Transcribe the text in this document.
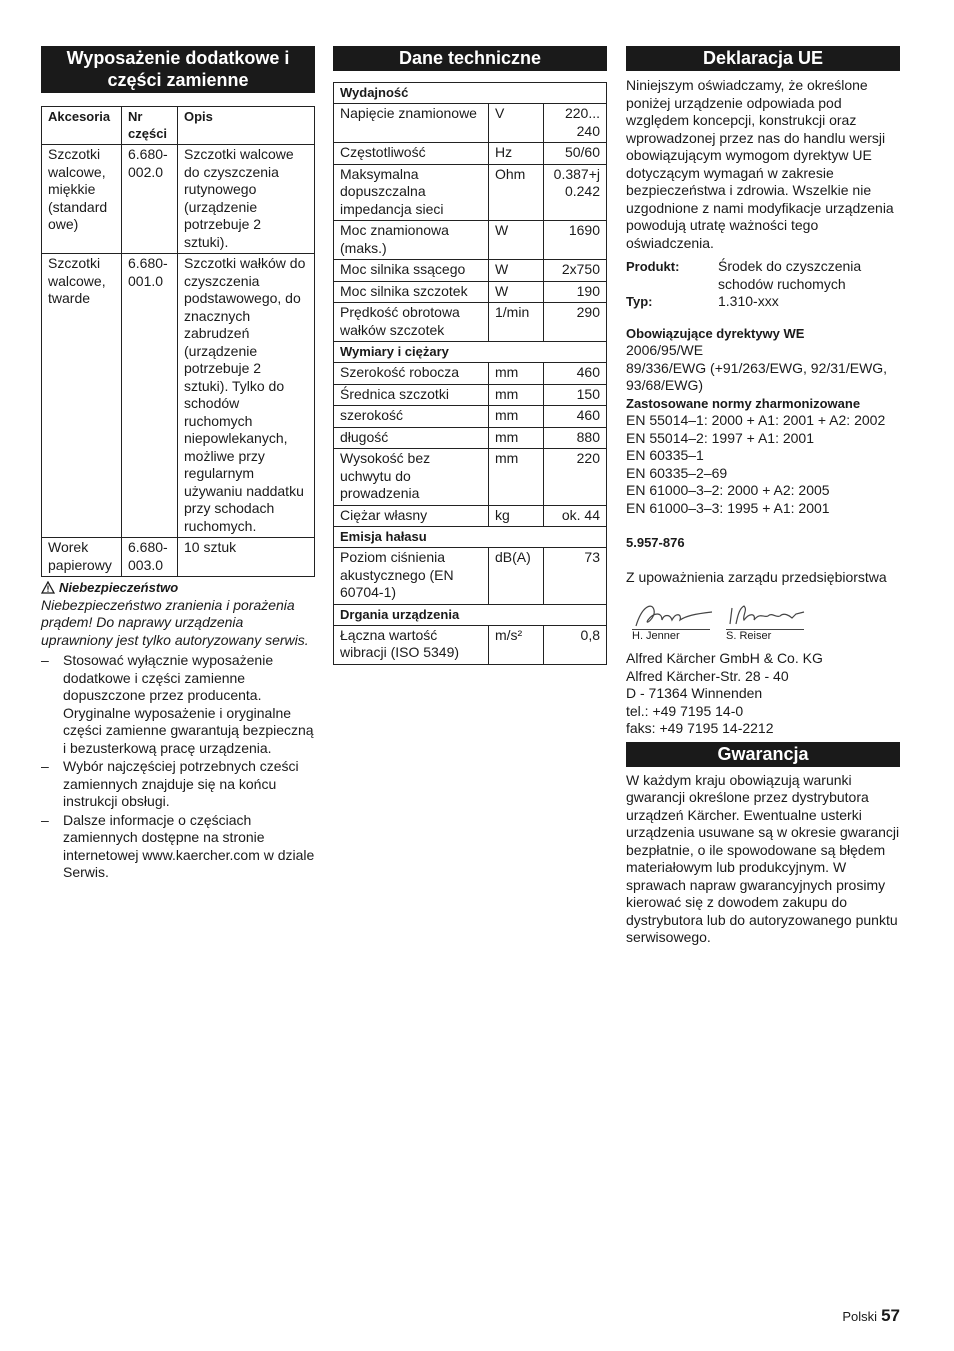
Wyposażenie dodatkowe i części zamienne
Akcesoria	Nr części	Opis
Szczotki walcowe, miękkie (standard owe)	6.680-002.0	Szczotki walcowe do czyszczenia rutynowego (urządzenie potrzebuje 2 sztuki).
Szczotki walcowe, twarde	6.680-001.0	Szczotki wałków do czyszczenia podstawowego, do znacznych zabrudzeń (urządzenie potrzebuje 2 sztuki). Tylko do schodów ruchomych niepowlekanych, możliwe przy regularnym używaniu naddatku przy schodach ruchomych.
Worek papierowy	6.680-003.0	10 sztuk
Niebezpieczeństwo
Niebezpieczeństwo zranienia i porażenia prądem! Do naprawy urządzenia uprawniony jest tylko autoryzowany serwis.
– Stosować wyłącznie wyposażenie dodatkowe i części zamienne dopuszczone przez producenta. Oryginalne wyposażenie i oryginalne części zamienne gwarantują bezpieczną i bezusterkową pracę urządzenia.
– Wybór najczęściej potrzebnych cześci zamiennych znajduje się na końcu instrukcji obsługi.
– Dalsze informacje o częściach zamiennych dostępne na stronie internetowej www.kaercher.com w dziale Serwis.
Dane techniczne
Wydajność		
Napięcie znamionowe	V	220... 240
Częstotliwość	Hz	50/60
Maksymalna dopuszczalna impedancja sieci	Ohm	0.387+j 0.242
Moc znamionowa (maks.)	W	1690
Moc silnika ssącego	W	2x750
Moc silnika szczotek	W	190
Prędkość obrotowa wałków szczotek	1/min	290
Wymiary i ciężary		
Szerokość robocza	mm	460
Średnica szczotki	mm	150
szerokość	mm	460
długość	mm	880
Wysokość bez uchwytu do prowadzenia	mm	220
Ciężar własny	kg	ok. 44
Emisja hałasu		
Poziom ciśnienia akustycznego (EN 60704-1)	dB(A)	73
Drgania urządzenia		
Łączna wartość wibracji (ISO 5349)	m/s²	0,8
Deklaracja UE

Niniejszym oświadczamy, że określone poniżej urządzenie odpowiada pod względem koncepcji, konstrukcji oraz wprowadzonej przez nas do handlu wersji obowiązującym wymogom dyrektyw UE dotyczącym wymagań w zakresie bezpieczeństwa i zdrowia. Wszelkie nie uzgodnione z nami modyfikacje urządzenia powodują utratę ważności tego oświadczenia.

Produkt:	Środek do czyszczenia schodów ruchomych
Typ:	1.310-xxx

Obowiązujące dyrektywy WE

2006/95/WE

89/336/EWG (+91/263/EWG, 92/31/EWG, 93/68/EWG)

Zastosowane normy zharmonizowane

EN 55014–1: 2000 + A1: 2001 + A2: 2002

EN 55014–2: 1997 + A1: 2001

EN 60335–1

EN 60335–2–69

EN 61000–3–2: 2000 + A2: 2005

EN 61000–3–3: 1995 + A1: 2001

5.957-876

Z upoważnienia zarządu przedsiębiorstwa

H. Jenner	S. Reiser

Alfred Kärcher GmbH & Co. KG

Alfred Kärcher-Str. 28 - 40

D - 71364 Winnenden

tel.: +49 7195 14-0

faks: +49 7195 14-2212

Gwarancja

W każdym kraju obowiązują warunki gwarancji określone przez dystrybutora urządzeń Kärcher. Ewentualne usterki urządzenia usuwane są w okresie gwarancji bezpłatnie, o ile spowodowane są błędem materiałowym lub produkcyjnym. W sprawach napraw gwarancyjnych prosimy kierować się z dowodem zakupu do dystrybutora lub do autoryzowanego punktu serwisowego.

Polski 57
